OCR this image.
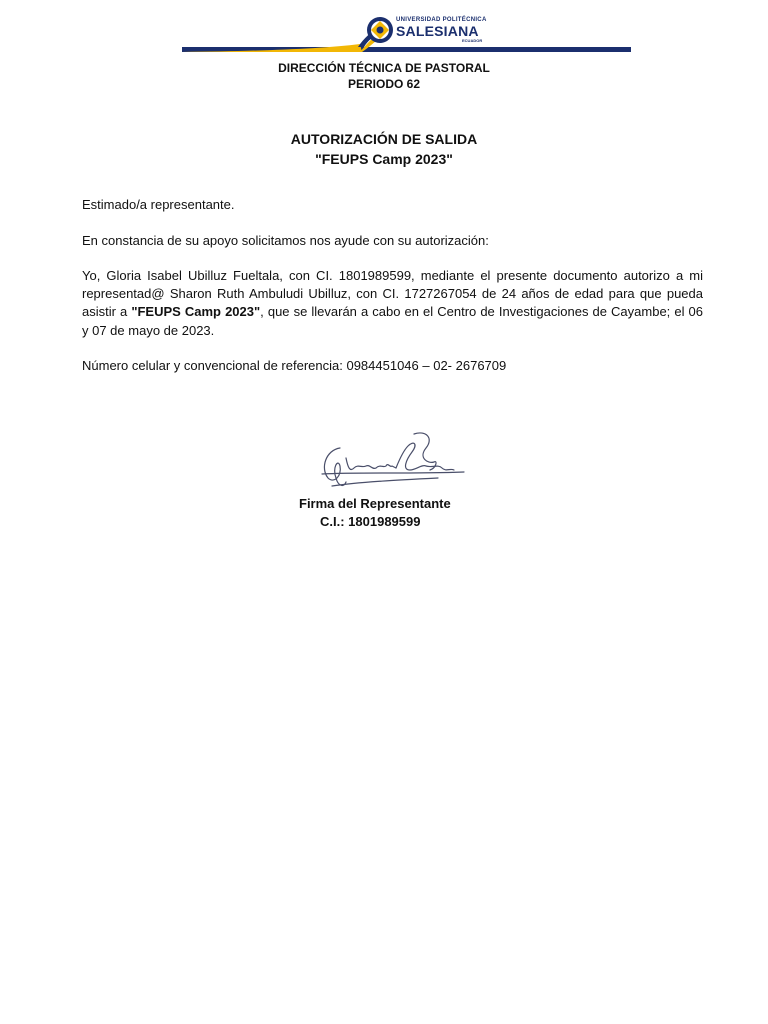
UNIVERSIDAD POLITÉCNICA
SALESIANA
ECUADOR
DIRECCIÓN TÉCNICA DE PASTORAL
PERIODO 62
AUTORIZACIÓN DE SALIDA
"FEUPS Camp 2023"
Estimado/a representante.
En constancia de su apoyo solicitamos nos ayude con su autorización:
Yo, Gloria Isabel Ubilluz Fueltala, con CI. 1801989599, mediante el presente documento autorizo a mi representad@ Sharon Ruth Ambuludi Ubilluz, con CI. 1727267054 de 24 años de edad para que pueda asistir a "FEUPS Camp 2023", que se llevarán a cabo en el Centro de Investigaciones de Cayambe; el 06 y 07 de mayo de 2023.
Número celular y convencional de referencia: 0984451046 – 02- 2676709
Firma del Representante
C.I.: 1801989599
